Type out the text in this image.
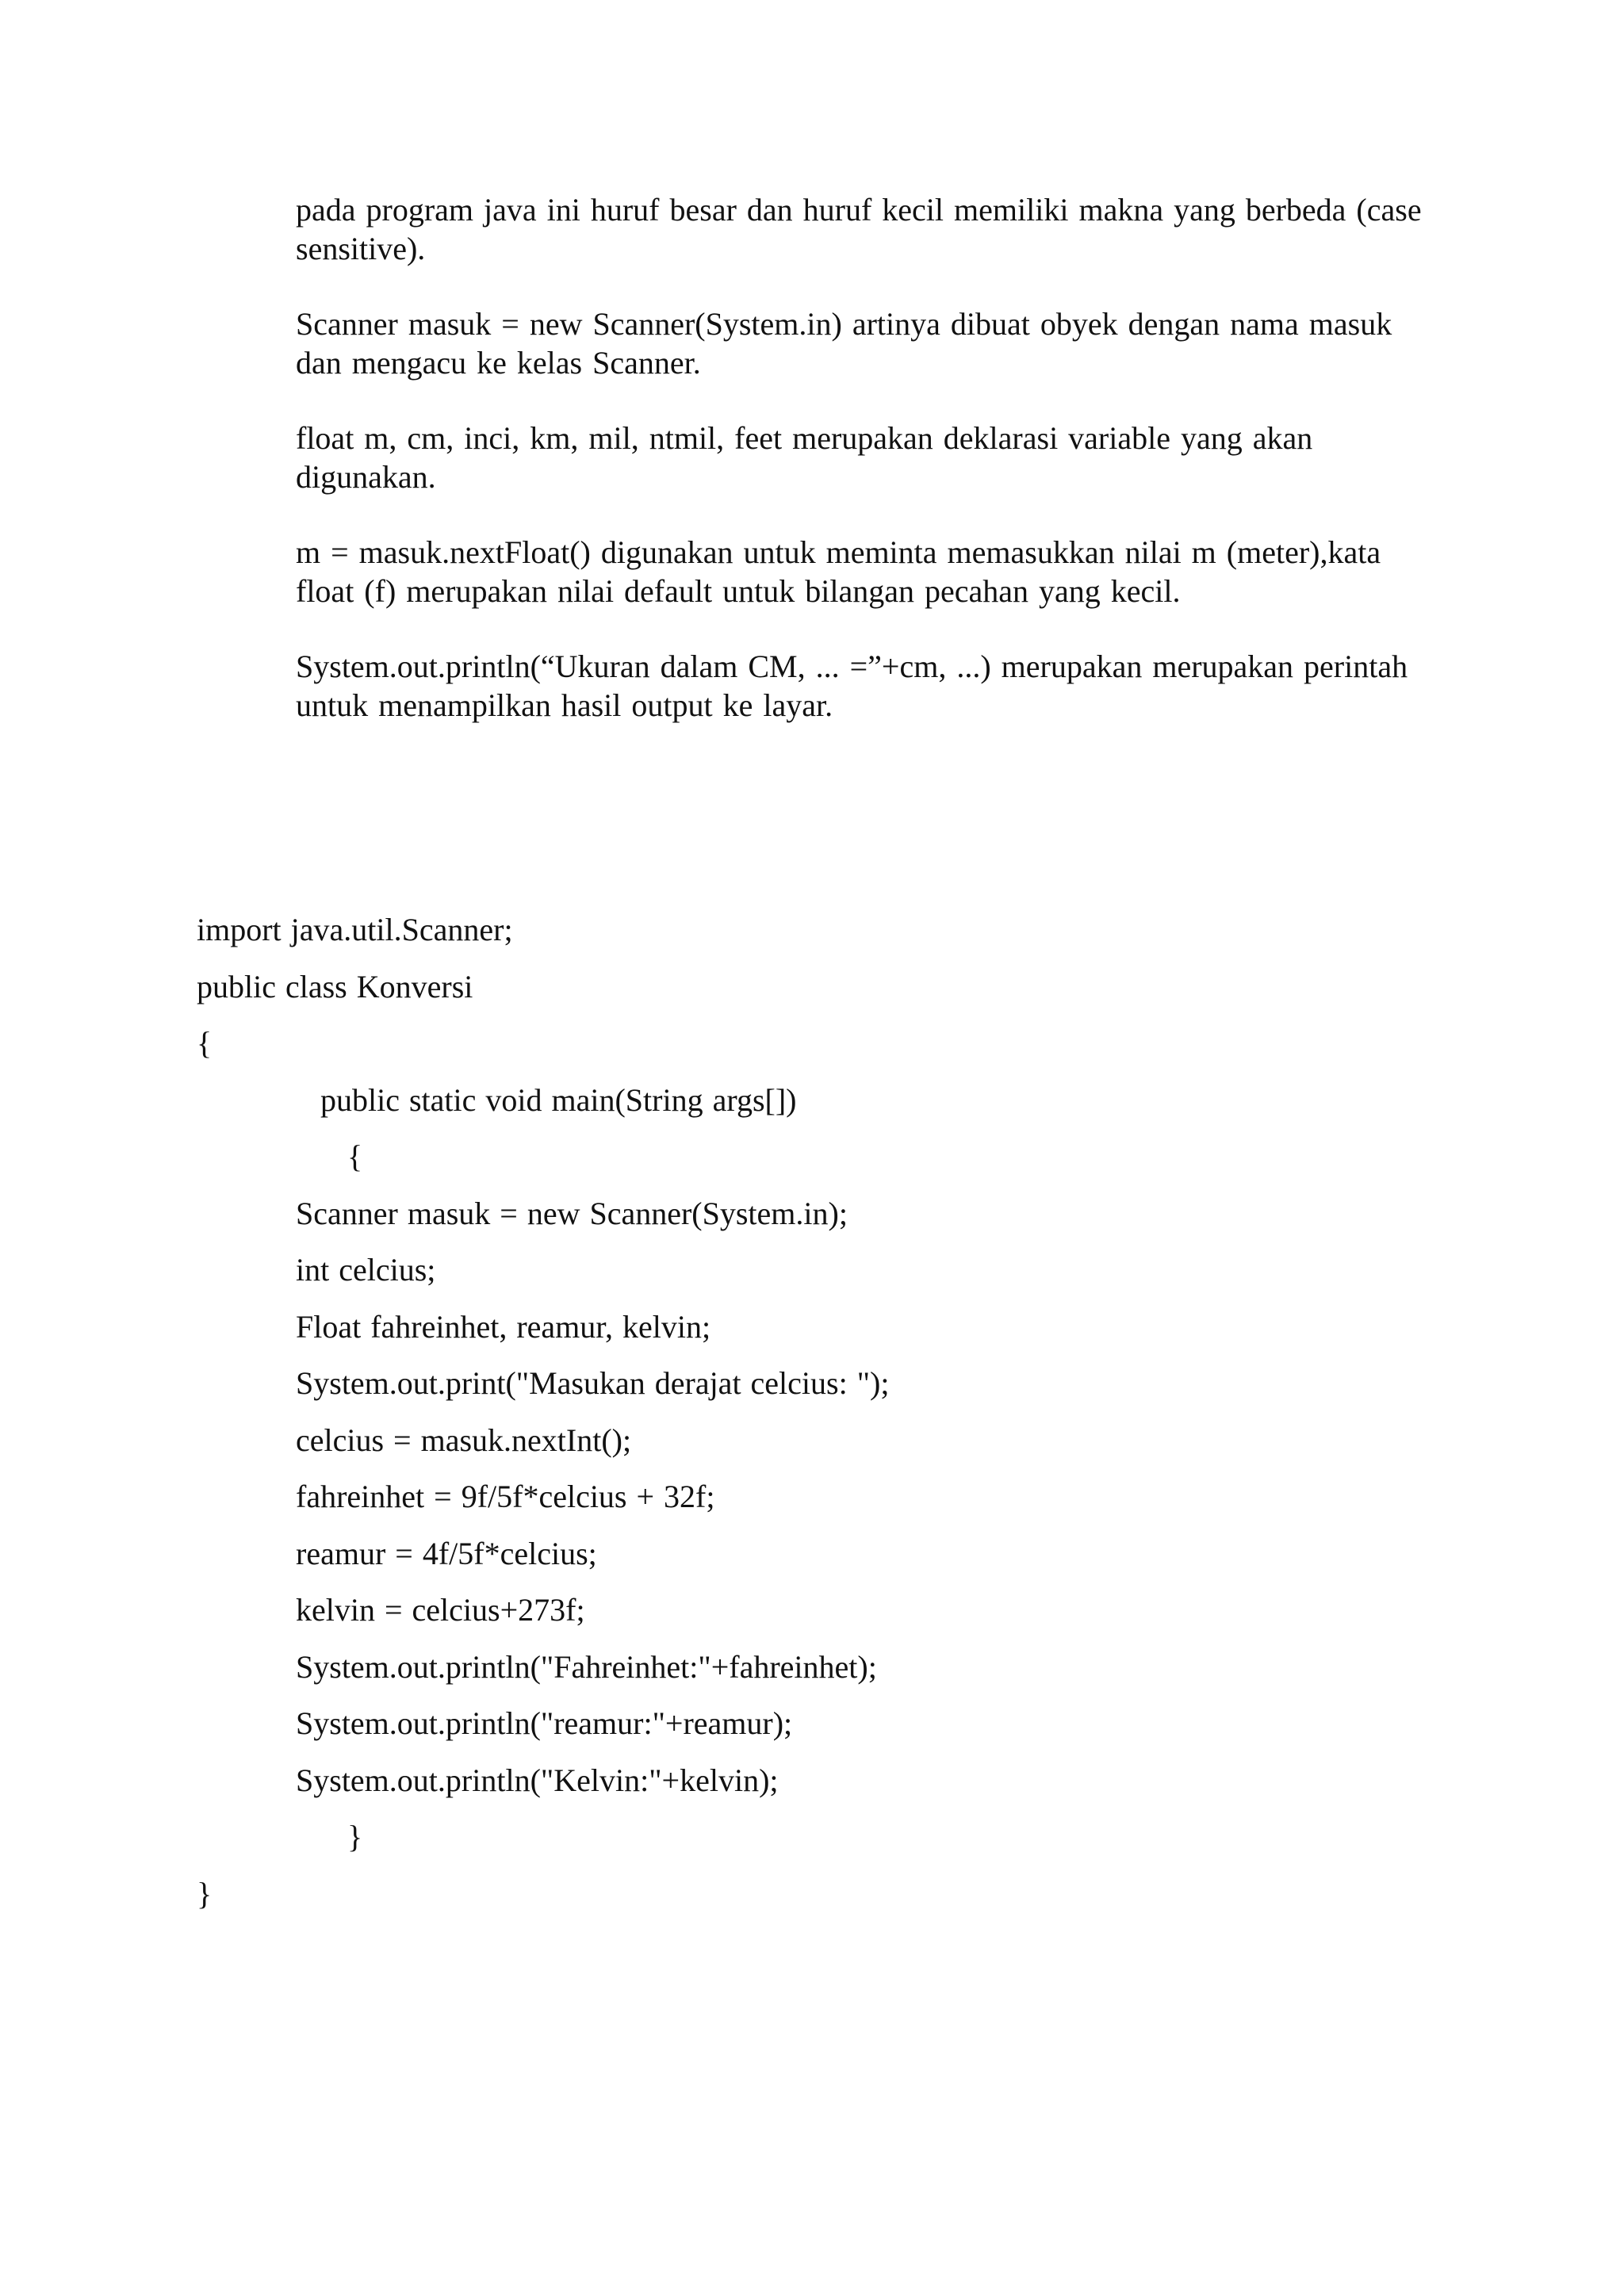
pada program java ini huruf besar dan huruf kecil memiliki makna yang berbeda (case sensitive).

Scanner masuk = new Scanner(System.in) artinya dibuat obyek dengan nama masuk dan mengacu ke kelas Scanner.

float m, cm, inci, km, mil, ntmil, feet merupakan deklarasi variable yang akan digunakan.

m = masuk.nextFloat() digunakan untuk meminta memasukkan nilai m (meter),kata float (f) merupakan nilai default untuk bilangan pecahan yang kecil.

System.out.println(“Ukuran dalam CM, ... =”+cm, ...) merupakan merupakan perintah untuk menampilkan hasil output ke layar.

import java.util.Scanner;
public class Konversi
{
public static void main(String args[])
{
Scanner masuk = new Scanner(System.in);
int celcius;
Float fahreinhet, reamur, kelvin;
System.out.print("Masukan derajat celcius: ");
celcius = masuk.nextInt();
fahreinhet = 9f/5f*celcius + 32f;
reamur = 4f/5f*celcius;
kelvin = celcius+273f;
System.out.println("Fahreinhet:"+fahreinhet);
System.out.println("reamur:"+reamur);
System.out.println("Kelvin:"+kelvin);
}
}
